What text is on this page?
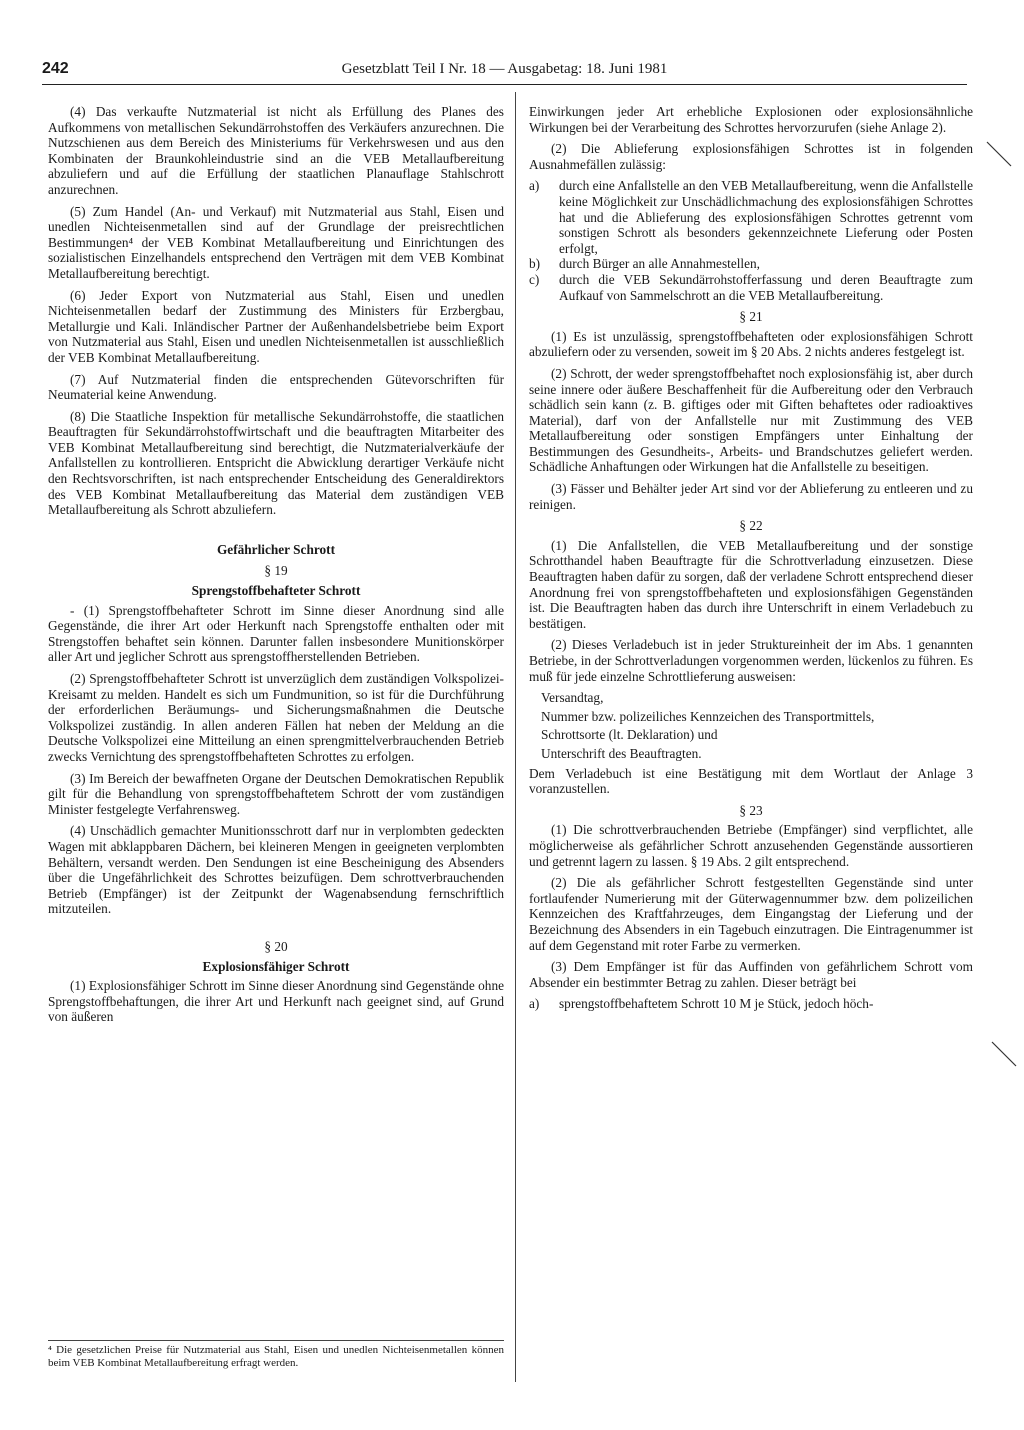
242	Gesetzblatt Teil I Nr. 18 — Ausgabetag: 18. Juni 1981

(4) Das verkaufte Nutzmaterial ist nicht als Erfüllung des Planes des Aufkommens von metallischen Sekundärrohstoffen des Verkäufers anzurechnen. Die Nutzschienen aus dem Bereich des Ministeriums für Verkehrswesen und aus den Kombinaten der Braunkohleindustrie sind an die VEB Metallaufbereitung abzuliefern und auf die Erfüllung der staatlichen Planauflage Stahlschrott anzurechnen.

(5) Zum Handel (An- und Verkauf) mit Nutzmaterial aus Stahl, Eisen und unedlen Nichteisenmetallen sind auf der Grundlage der preisrechtlichen Bestimmungen⁴ der VEB Kombinat Metallaufbereitung und Einrichtungen des sozialistischen Einzelhandels entsprechend den Verträgen mit dem VEB Kombinat Metallaufbereitung berechtigt.

(6) Jeder Export von Nutzmaterial aus Stahl, Eisen und unedlen Nichteisenmetallen bedarf der Zustimmung des Ministers für Erzbergbau, Metallurgie und Kali. Inländischer Partner der Außenhandelsbetriebe beim Export von Nutzmaterial aus Stahl, Eisen und unedlen Nichteisenmetallen ist ausschließlich der VEB Kombinat Metallaufbereitung.

(7) Auf Nutzmaterial finden die entsprechenden Gütevorschriften für Neumaterial keine Anwendung.

(8) Die Staatliche Inspektion für metallische Sekundärrohstoffe, die staatlichen Beauftragten für Sekundärrohstoffwirtschaft und die beauftragten Mitarbeiter des VEB Kombinat Metallaufbereitung sind berechtigt, die Nutzmaterialverkäufe der Anfallstellen zu kontrollieren. Entspricht die Abwicklung derartiger Verkäufe nicht den Rechtsvorschriften, ist nach entsprechender Entscheidung des Generaldirektors des VEB Kombinat Metallaufbereitung das Material dem zuständigen VEB Metallaufbereitung als Schrott abzuliefern.

Gefährlicher Schrott
§ 19
Sprengstoffbehafteter Schrott

- (1) Sprengstoffbehafteter Schrott im Sinne dieser Anordnung sind alle Gegenstände, die ihrer Art oder Herkunft nach Sprengstoffe enthalten oder mit Strengstoffen behaftet sein können. Darunter fallen insbesondere Munitionskörper aller Art und jeglicher Schrott aus sprengstoffherstellenden Betrieben.

(2) Sprengstoffbehafteter Schrott ist unverzüglich dem zuständigen Volkspolizei-Kreisamt zu melden. Handelt es sich um Fundmunition, so ist für die Durchführung der erforderlichen Beräumungs- und Sicherungsmaßnahmen die Deutsche Volkspolizei zuständig. In allen anderen Fällen hat neben der Meldung an die Deutsche Volkspolizei eine Mitteilung an einen sprengmittelverbrauchenden Betrieb zwecks Vernichtung des sprengstoffbehafteten Schrottes zu erfolgen.

(3) Im Bereich der bewaffneten Organe der Deutschen Demokratischen Republik gilt für die Behandlung von sprengstoffbehaftetem Schrott der vom zuständigen Minister festgelegte Verfahrensweg.

(4) Unschädlich gemachter Munitionsschrott darf nur in verplombten gedeckten Wagen mit abklappbaren Dächern, bei kleineren Mengen in geeigneten verplombten Behältern, versandt werden. Den Sendungen ist eine Bescheinigung des Absenders über die Ungefährlichkeit des Schrottes beizufügen. Dem schrottverbrauchenden Betrieb (Empfänger) ist der Zeitpunkt der Wagenabsendung fernschriftlich mitzuteilen.

§ 20
Explosionsfähiger Schrott

(1) Explosionsfähiger Schrott im Sinne dieser Anordnung sind Gegenstände ohne Sprengstoffbehaftungen, die ihrer Art und Herkunft nach geeignet sind, auf Grund von äußeren

⁴ Die gesetzlichen Preise für Nutzmaterial aus Stahl, Eisen und unedlen Nichteisenmetallen können beim VEB Kombinat Metallaufbereitung erfragt werden.

Einwirkungen jeder Art erhebliche Explosionen oder explosionsähnliche Wirkungen bei der Verarbeitung des Schrottes hervorzurufen (siehe Anlage 2).

(2) Die Ablieferung explosionsfähigen Schrottes ist in folgenden Ausnahmefällen zulässig:

a)	durch eine Anfallstelle an den VEB Metallaufbereitung, wenn die Anfallstelle keine Möglichkeit zur Unschädlichmachung des explosionsfähigen Schrottes hat und die Ablieferung des explosionsfähigen Schrottes getrennt vom sonstigen Schrott als besonders gekennzeichnete Lieferung oder Posten erfolgt,
b)	durch Bürger an alle Annahmestellen,
c)	durch die VEB Sekundärrohstofferfassung und deren Beauftragte zum Aufkauf von Sammelschrott an die VEB Metallaufbereitung.
§ 21

(1) Es ist unzulässig, sprengstoffbehafteten oder explosionsfähigen Schrott abzuliefern oder zu versenden, soweit im § 20 Abs. 2 nichts anderes festgelegt ist.

(2) Schrott, der weder sprengstoffbehaftet noch explosionsfähig ist, aber durch seine innere oder äußere Beschaffenheit für die Aufbereitung oder den Verbrauch schädlich sein kann (z. B. giftiges oder mit Giften behaftetes oder radioaktives Material), darf von der Anfallstelle nur mit Zustimmung des VEB Metallaufbereitung oder sonstigen Empfängers unter Einhaltung der Bestimmungen des Gesundheits-, Arbeits- und Brandschutzes geliefert werden. Schädliche Anhaftungen oder Wirkungen hat die Anfallstelle zu beseitigen.

(3) Fässer und Behälter jeder Art sind vor der Ablieferung zu entleeren und zu reinigen.

§ 22

(1) Die Anfallstellen, die VEB Metallaufbereitung und der sonstige Schrotthandel haben Beauftragte für die Schrottverladung einzusetzen. Diese Beauftragten haben dafür zu sorgen, daß der verladene Schrott entsprechend dieser Anordnung frei von sprengstoffbehafteten und explosionsfähigen Gegenständen ist. Die Beauftragten haben das durch ihre Unterschrift in einem Verladebuch zu bestätigen.

(2) Dieses Verladebuch ist in jeder Struktureinheit der im Abs. 1 genannten Betriebe, in der Schrottverladungen vorgenommen werden, lückenlos zu führen. Es muß für jede einzelne Schrottlieferung ausweisen:

Versandtag,
Nummer bzw. polizeiliches Kennzeichen des Transportmittels,
Schrottsorte (lt. Deklaration) und
Unterschrift des Beauftragten.

Dem Verladebuch ist eine Bestätigung mit dem Wortlaut der Anlage 3 voranzustellen.

§ 23

(1) Die schrottverbrauchenden Betriebe (Empfänger) sind verpflichtet, alle möglicherweise als gefährlicher Schrott anzusehenden Gegenstände aussortieren und getrennt lagern zu lassen. § 19 Abs. 2 gilt entsprechend.

(2) Die als gefährlicher Schrott festgestellten Gegenstände sind unter fortlaufender Numerierung mit der Güterwagennummer bzw. dem polizeilichen Kennzeichen des Kraftfahrzeuges, dem Eingangstag der Lieferung und der Bezeichnung des Absenders in ein Tagebuch einzutragen. Die Eintragenummer ist auf dem Gegenstand mit roter Farbe zu vermerken.

(3) Dem Empfänger ist für das Auffinden von gefährlichem Schrott vom Absender ein bestimmter Betrag zu zahlen. Dieser beträgt bei

a)	sprengstoffbehaftetem Schrott 10 M je Stück, jedoch höch-
